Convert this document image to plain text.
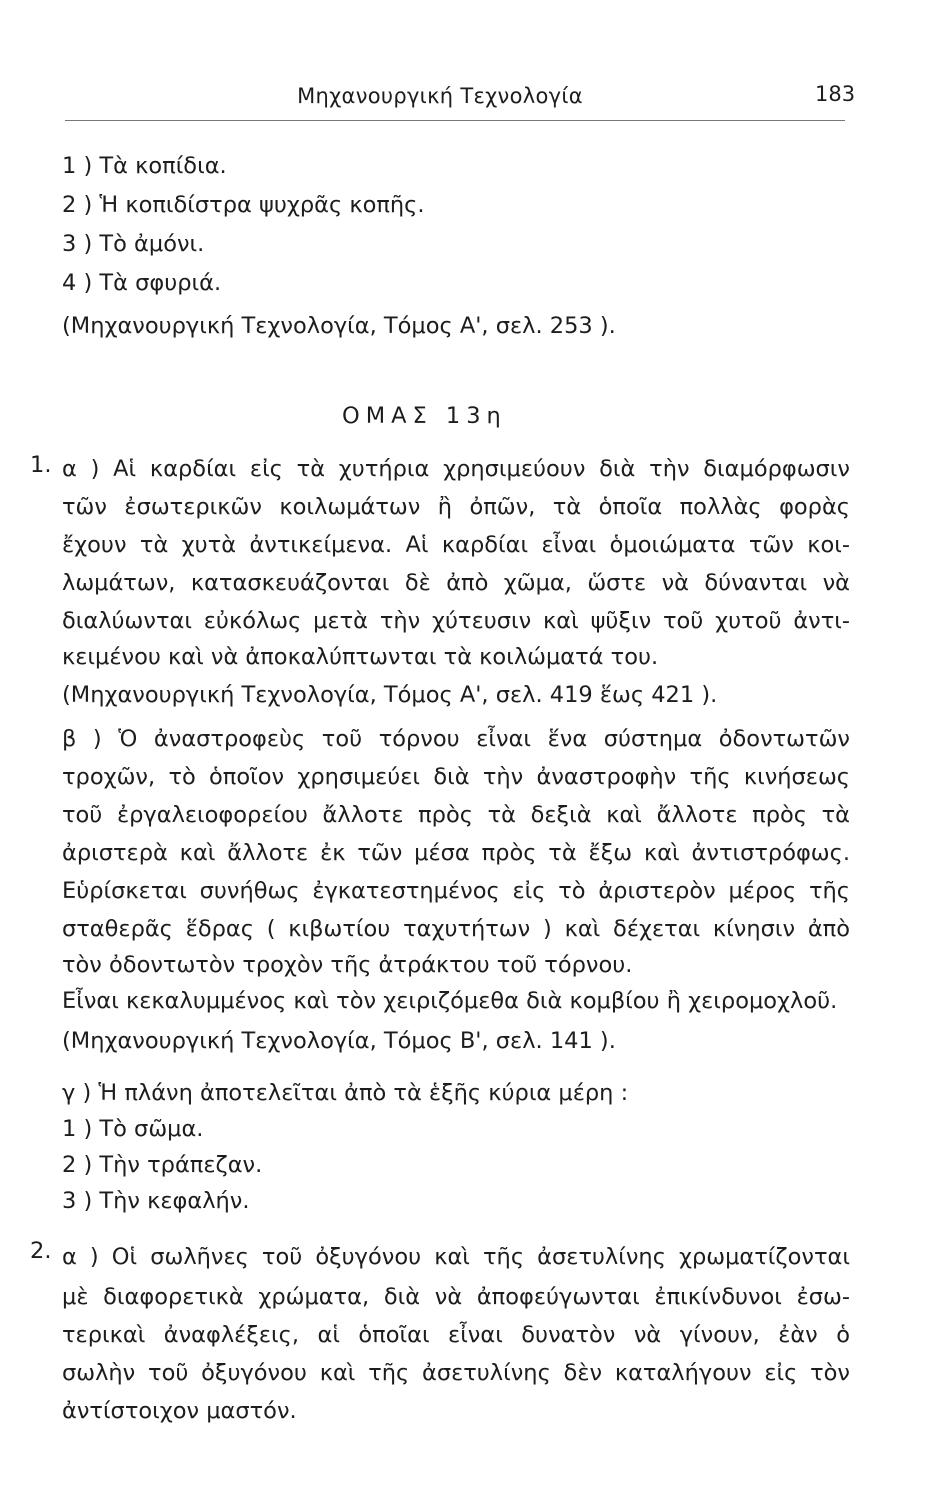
Μηχανουργική Τεχνολογία	183
1 ) Τὰ κοπίδια.
2 ) Ἡ κοπιδίστρα ψυχρᾶς κοπῆς.
3 ) Τὸ ἀμόνι.
4 ) Τὰ σφυριά.
(Μηχανουργική Τεχνολογία, Τόμος Α', σελ. 253 ).
ΟΜΑΣ 13η
1. α ) Αἱ καρδίαι εἰς τὰ χυτήρια χρησιμεύουν διὰ τὴν διαμόρφωσιν
τῶν ἐσωτερικῶν κοιλωμάτων ἢ ὀπῶν, τὰ ὁποῖα πολλὰς φορὰς
ἔχουν τὰ χυτὰ ἀντικείμενα. Αἱ καρδίαι εἶναι ὁμοιώματα τῶν κοι-
λωμάτων, κατασκευάζονται δὲ ἀπὸ χῶμα, ὥστε νὰ δύνανται νὰ
διαλύωνται εὐκόλως μετὰ τὴν χύτευσιν καὶ ψῦξιν τοῦ χυτοῦ ἀντι-
κειμένου καὶ νὰ ἀποκαλύπτωνται τὰ κοιλώματά του.
(Μηχανουργική Τεχνολογία, Τόμος Α', σελ. 419 ἕως 421 ).
β ) Ὁ ἀναστροφεὺς τοῦ τόρνου εἶναι ἕνα σύστημα ὀδοντωτῶν
τροχῶν, τὸ ὁποῖον χρησιμεύει διὰ τὴν ἀναστροφὴν τῆς κινήσεως
τοῦ ἐργαλειοφορείου ἄλλοτε πρὸς τὰ δεξιὰ καὶ ἄλλοτε πρὸς τὰ
ἀριστερὰ καὶ ἄλλοτε ἐκ τῶν μέσα πρὸς τὰ ἔξω καὶ ἀντιστρόφως.
Εὑρίσκεται συνήθως ἐγκατεστημένος εἰς τὸ ἀριστερὸν μέρος τῆς
σταθερᾶς ἕδρας ( κιβωτίου ταχυτήτων ) καὶ δέχεται κίνησιν ἀπὸ
τὸν ὀδοντωτὸν τροχὸν τῆς ἀτράκτου τοῦ τόρνου.
Εἶναι κεκαλυμμένος καὶ τὸν χειριζόμεθα διὰ κομβίου ἢ χειρομοχλοῦ.
(Μηχανουργική Τεχνολογία, Τόμος Β', σελ. 141 ).
γ ) Ἡ πλάνη ἀποτελεῖται ἀπὸ τὰ ἑξῆς κύρια μέρη :
1 ) Τὸ σῶμα.
2 ) Τὴν τράπεζαν.
3 ) Τὴν κεφαλήν.
2. α ) Οἱ σωλῆνες τοῦ ὀξυγόνου καὶ τῆς ἀσετυλίνης χρωματίζονται
μὲ διαφορετικὰ χρώματα, διὰ νὰ ἀποφεύγωνται ἐπικίνδυνοι ἐσω-
τερικαὶ ἀναφλέξεις, αἱ ὁποῖαι εἶναι δυνατὸν νὰ γίνουν, ἐὰν ὁ
σωλὴν τοῦ ὀξυγόνου καὶ τῆς ἀσετυλίνης δὲν καταλήγουν εἰς τὸν
ἀντίστοιχον μαστόν.
